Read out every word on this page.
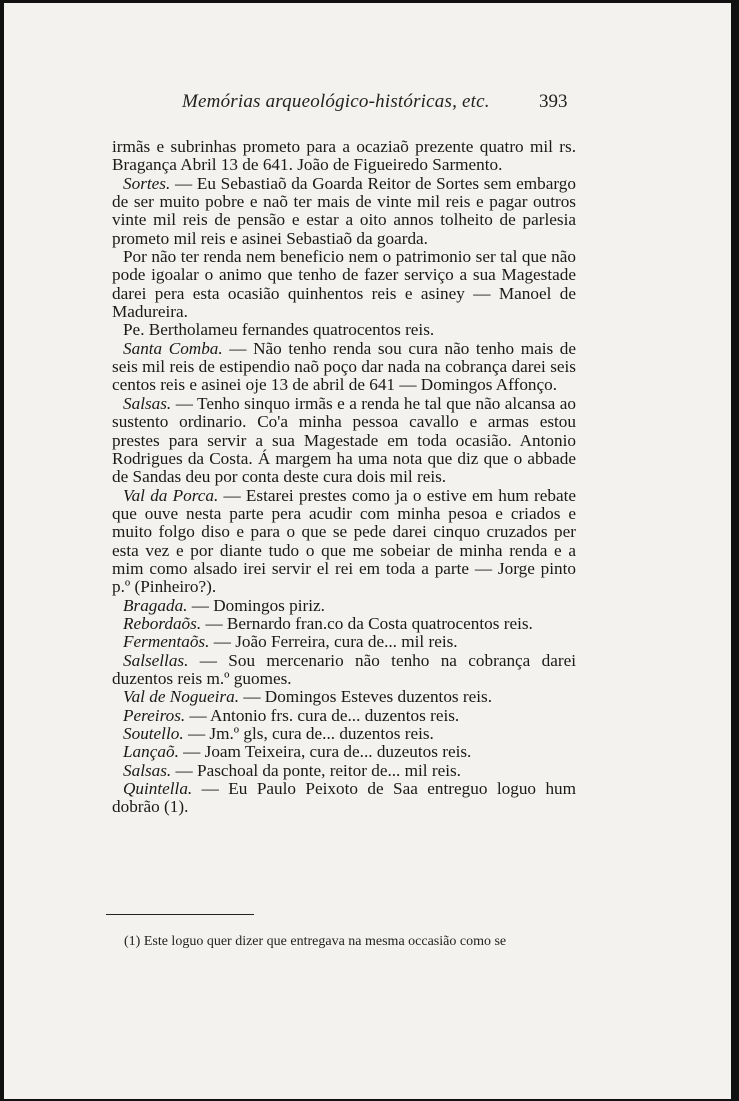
Memórias arqueológico-históricas, etc.	393

irmãs e subrinhas prometo para a ocaziaõ prezente quatro mil rs. Bragança Abril 13 de 641. João de Figueiredo Sarmento.

Sortes. — Eu Sebastiaõ da Goarda Reitor de Sortes sem embargo de ser muito pobre e naõ ter mais de vinte mil reis e pagar outros vinte mil reis de pensão e estar a oito annos tolheito de parlesia prometo mil reis e asinei Sebastiaõ da goarda.

Por não ter renda nem beneficio nem o patrimonio ser tal que não pode igoalar o animo que tenho de fazer serviço a sua Magestade darei pera esta ocasião quinhentos reis e asiney — Manoel de Madureira.

Pe. Bertholameu fernandes quatrocentos reis.

Santa Comba. — Não tenho renda sou cura não tenho mais de seis mil reis de estipendio naõ poço dar nada na cobrança darei seis centos reis e asinei oje 13 de abril de 641 — Domingos Affonço.

Salsas. — Tenho sinquo irmãs e a renda he tal que não alcansa ao sustento ordinario. Co'a minha pessoa cavallo e armas estou prestes para servir a sua Magestade em toda ocasião. Antonio Rodrigues da Costa. Á margem ha uma nota que diz que o abbade de Sandas deu por conta deste cura dois mil reis.

Val da Porca. — Estarei prestes como ja o estive em hum rebate que ouve nesta parte pera acudir com minha pesoa e criados e muito folgo diso e para o que se pede darei cinquo cruzados per esta vez e por diante tudo o que me sobeiar de minha renda e a mim como alsado irei servir el rei em toda a parte — Jorge pinto p.º (Pinheiro?).

Bragada. — Domingos piriz.

Rebordaõs. — Bernardo fran.co da Costa quatrocentos reis.

Fermentaõs. — João Ferreira, cura de... mil reis.

Salsellas. — Sou mercenario não tenho na cobrança darei duzentos reis m.º guomes.

Val de Nogueira. — Domingos Esteves duzentos reis.

Pereiros. — Antonio frs. cura de... duzentos reis.

Soutello. — Jm.º gls, cura de... duzentos reis.

Lançaõ. — Joam Teixeira, cura de... duzeutos reis.

Salsas. — Paschoal da ponte, reitor de... mil reis.

Quintella. — Eu Paulo Peixoto de Saa entreguo loguo hum dobrão (1).

(1) Este loguo quer dizer que entregava na mesma occasião como se
